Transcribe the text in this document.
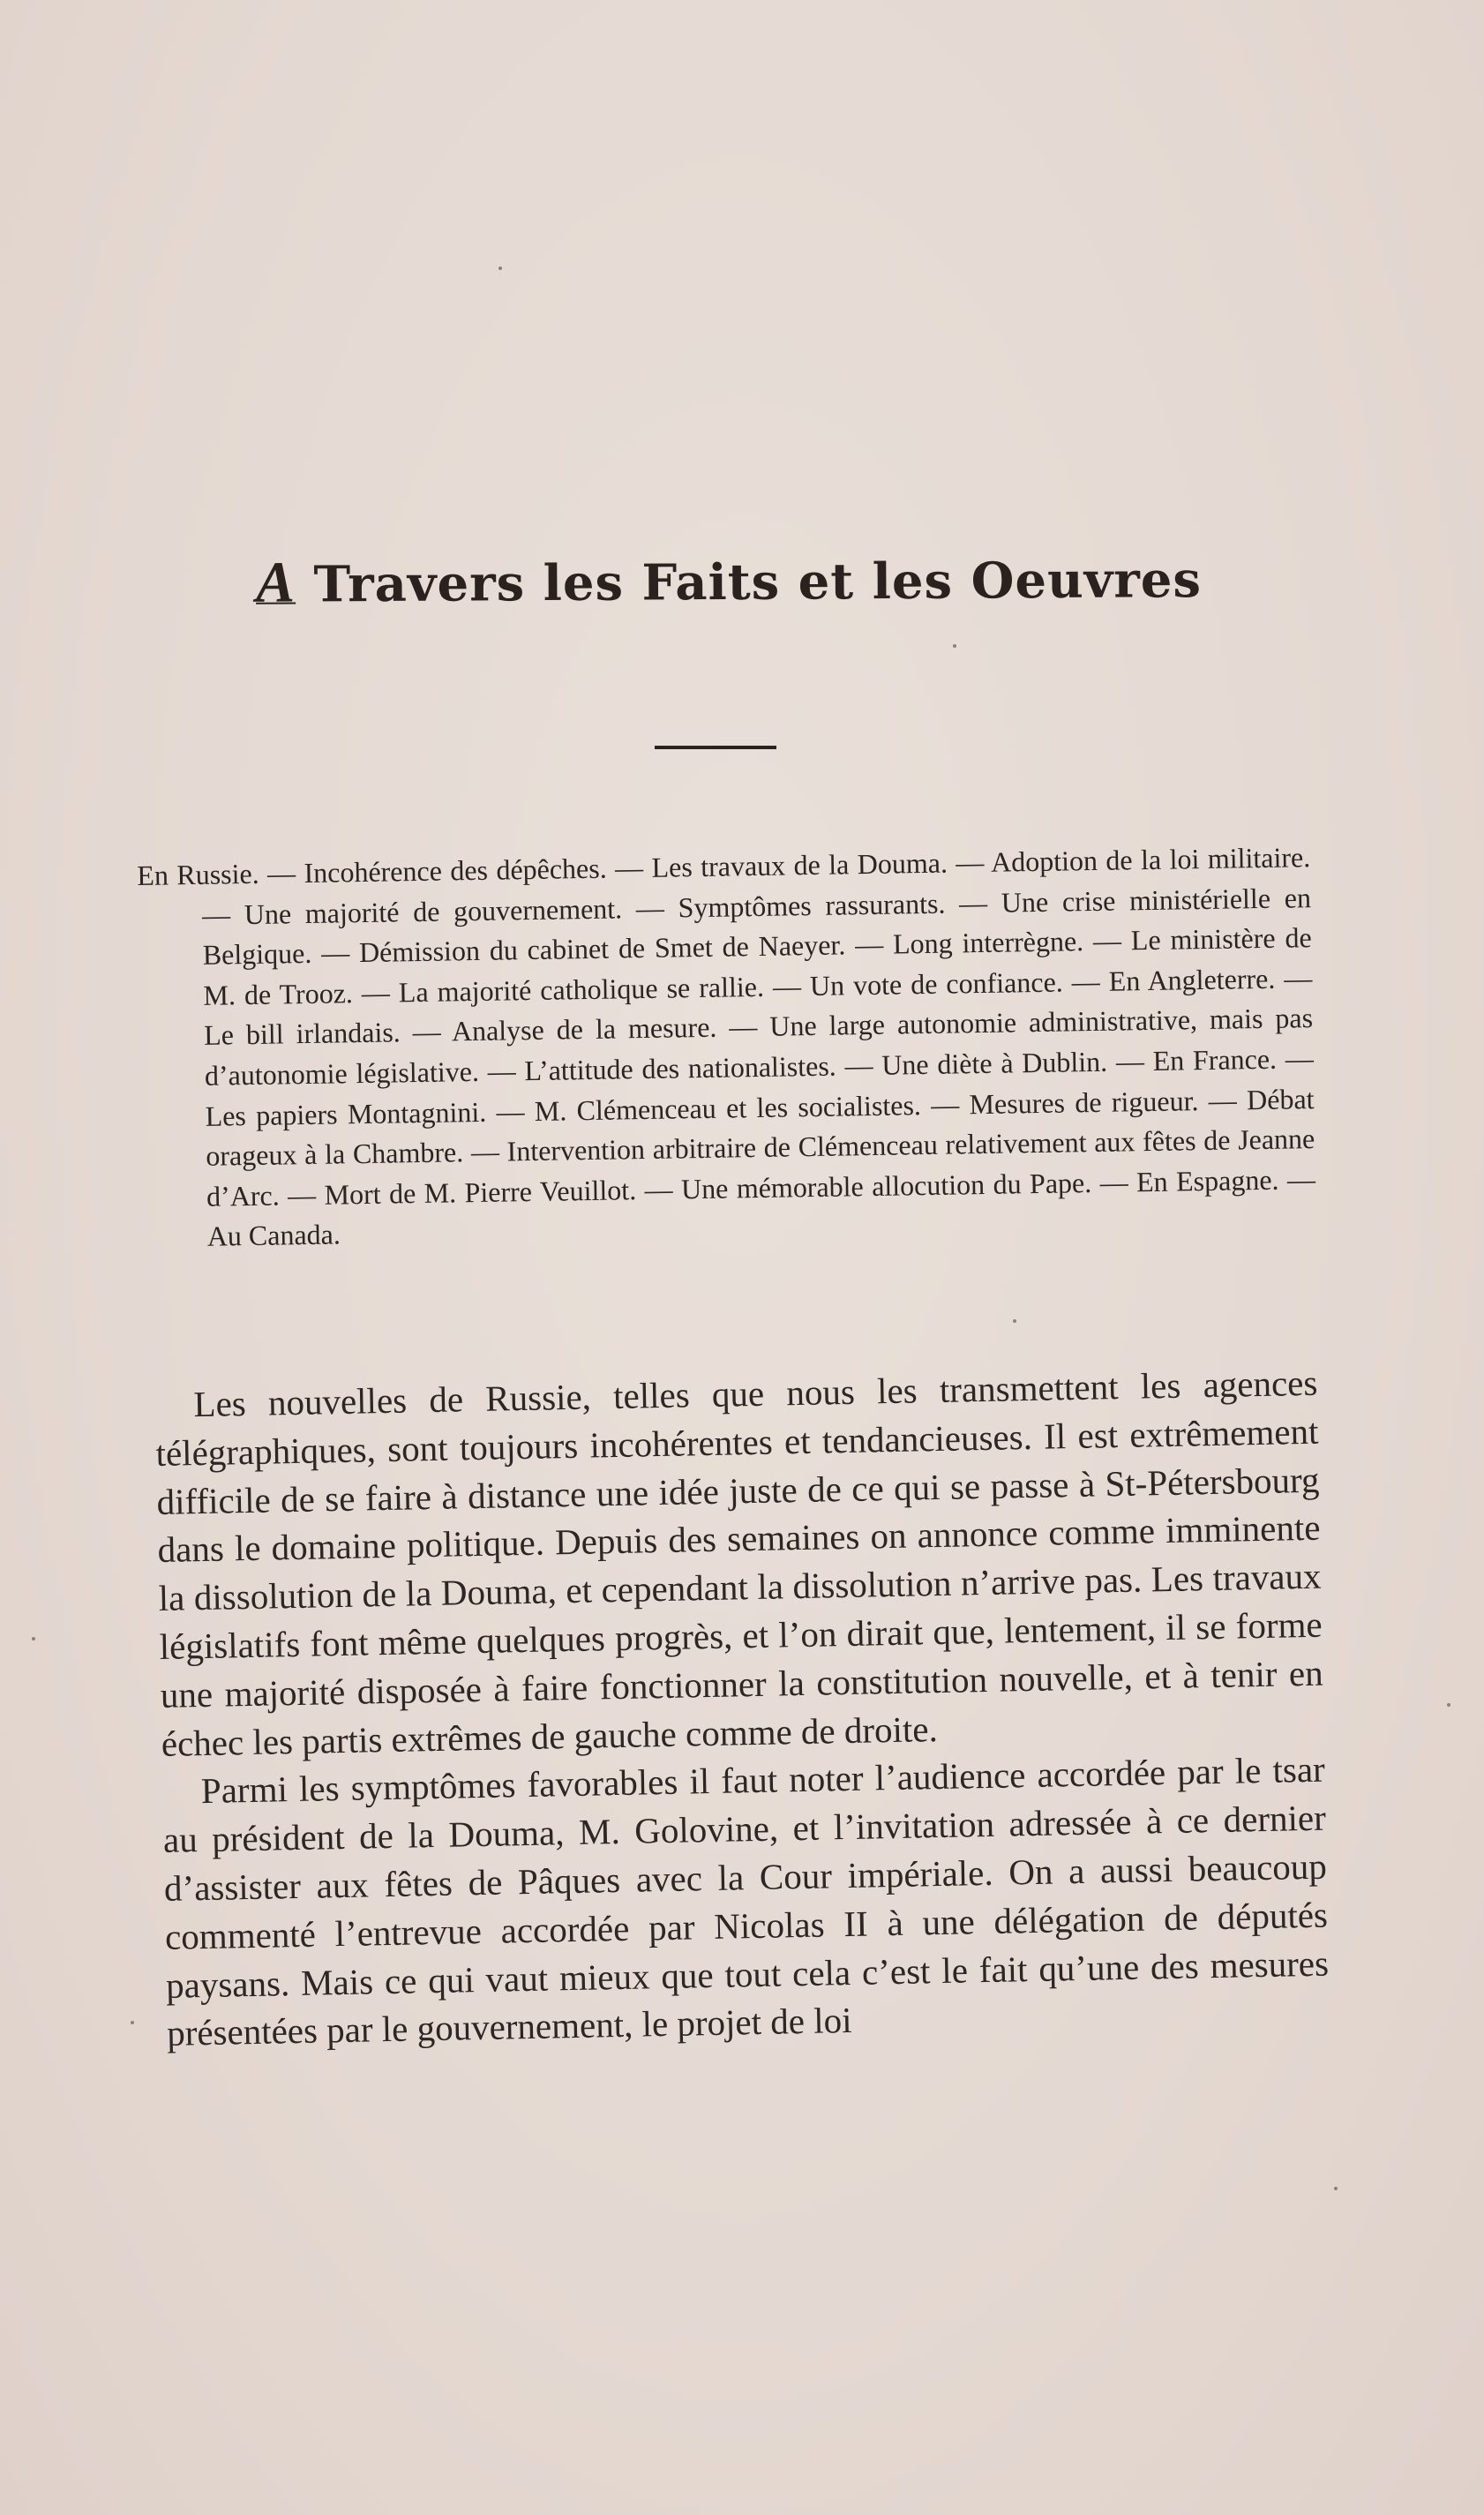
A Travers les Faits et les Oeuvres
En Russie. — Incohérence des dépêches. — Les travaux de la Douma. — Adoption de la loi militaire. — Une majorité de gouvernement. — Symptômes rassurants. — Une crise ministérielle en Belgique. — Démission du cabinet de Smet de Naeyer. — Long interrègne. — Le ministère de M. de Trooz. — La majorité catholique se rallie. — Un vote de confiance. — En Angleterre. — Le bill irlandais. — Analyse de la mesure. — Une large autonomie administrative, mais pas d’autonomie législative. — L’attitude des nationalistes. — Une diète à Dublin. — En France. — Les papiers Montagnini. — M. Clémenceau et les socialistes. — Mesures de rigueur. — Débat orageux à la Chambre. — Intervention arbitraire de Clémenceau relativement aux fêtes de Jeanne d’Arc. — Mort de M. Pierre Veuillot. — Une mémorable allocution du Pape. — En Espagne. — Au Canada.

Les nouvelles de Russie, telles que nous les transmettent les agences télégraphiques, sont toujours incohérentes et tendancieuses. Il est extrêmement difficile de se faire à distance une idée juste de ce qui se passe à St-Pétersbourg dans le domaine politique. Depuis des semaines on annonce comme imminente la dissolution de la Douma, et cependant la dissolution n’arrive pas. Les travaux législatifs font même quelques progrès, et l’on dirait que, lentement, il se forme une majorité disposée à faire fonctionner la constitution nouvelle, et à tenir en échec les partis extrêmes de gauche comme de droite.

Parmi les symptômes favorables il faut noter l’audience accordée par le tsar au président de la Douma, M. Golovine, et l’invitation adressée à ce dernier d’assister aux fêtes de Pâques avec la Cour impériale. On a aussi beaucoup commenté l’entrevue accordée par Nicolas II à une délégation de députés paysans. Mais ce qui vaut mieux que tout cela c’est le fait qu’une des mesures présentées par le gouvernement, le projet de loi
